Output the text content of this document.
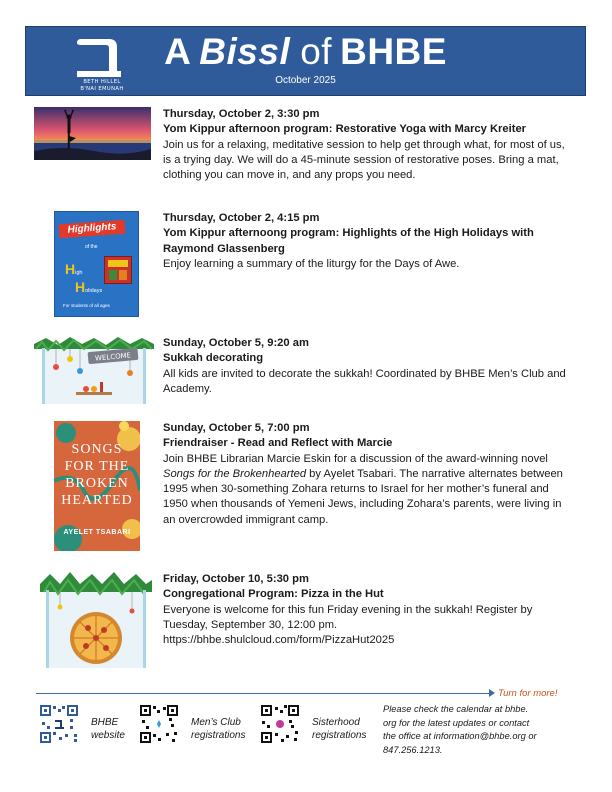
BETH HILLEL
B'NAI EMUNAH
A Bissl of BHBE
October 2025
Thursday, October 2, 3:30 pm
Yom Kippur afternoon program: Restorative Yoga with Marcy Kreiter
Join us for a relaxing, meditative session to help get through what, for most of us, is a trying day. We will do a 45-minute session of restorative poses. Bring a mat, clothing you can move in, and any props you need.
Highlights
of the
High
Holidays
For students of all ages
Thursday, October 2, 4:15 pm
Yom Kippur afternoong program: Highlights of the High Holidays with Raymond Glassenberg
Enjoy learning a summary of the liturgy for the Days of Awe.
WELCOME
Sunday, October 5, 9:20 am
Sukkah decorating
All kids are invited to decorate the sukkah! Coordinated by BHBE Men’s Club and Academy.
SONGS
FOR THE
BROKEN
HEARTED
AYELET TSABARI
Sunday, October 5, 7:00 pm
Friendraiser - Read and Reflect with Marcie
Join BHBE Librarian Marcie Eskin for a discussion of the award-winning novel Songs for the Brokenhearted by Ayelet Tsabari. The narrative alternates between 1995 when 30-something Zohara returns to Israel for her mother’s funeral and 1950 when thousands of Yemeni Jews, including Zohara’s parents, were living in an overcrowded immigrant camp.
Friday, October 10, 5:30 pm
Congregational Program: Pizza in the Hut
Everyone is welcome for this fun Friday evening in the sukkah! Register by Tuesday, September 30, 12:00 pm.
https://bhbe.shulcloud.com/form/PizzaHut2025
Turn for more!
BHBE
website
Men’s Club
registrations
Sisterhood
registrations
Please check the calendar at bhbe.
org for the latest updates or contact
the office at information@bhbe.org or
847.256.1213.
